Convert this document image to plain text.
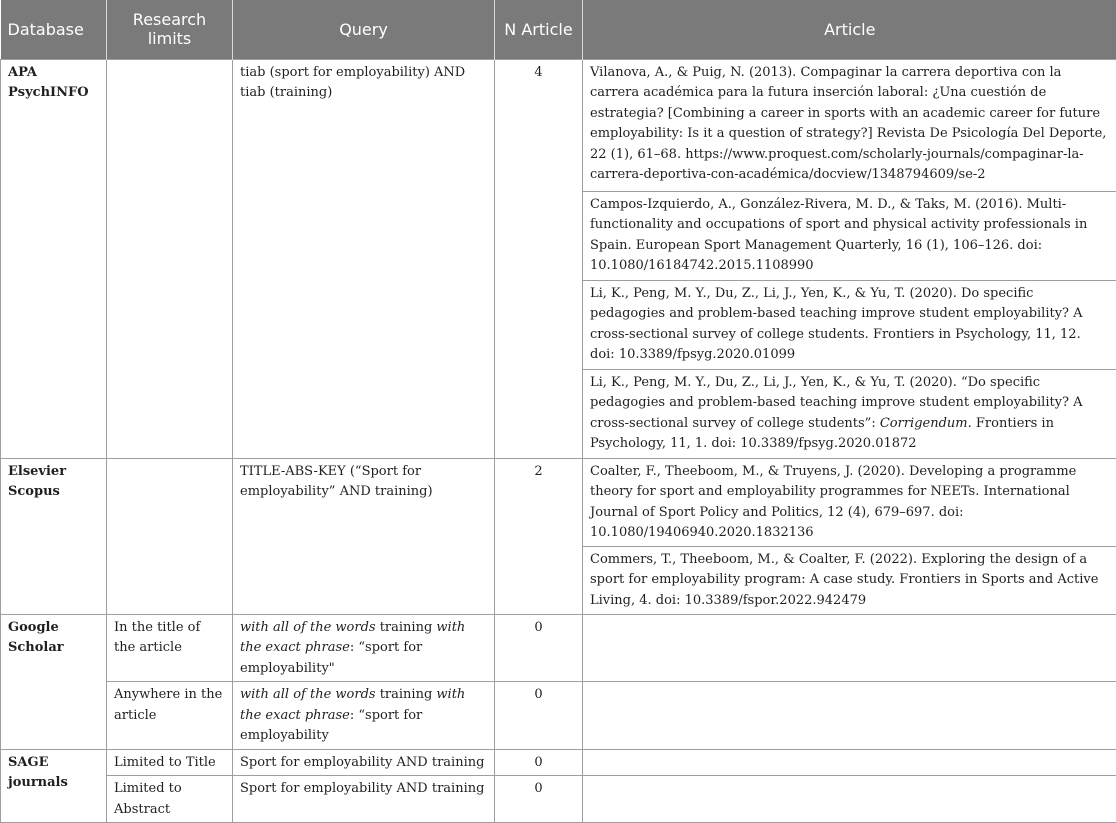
Database	Research limits	Query	N Article	Article
APA PsychINFO		tiab (sport for employability) AND tiab (training)	4	Vilanova, A., & Puig, N. (2013). Compaginar la carrera deportiva con la carrera académica para la futura inserción laboral: ¿Una cuestión de estrategia? [Combining a career in sports with an academic career for future employability: Is it a question of strategy?] Revista De Psicología Del Deporte, 22 (1), 61–68. https://www.proquest.com/scholarly-journals/compaginar-la-carrera-deportiva-con-académica/docview/1348794609/se-2
				Campos-Izquierdo, A., González-Rivera, M. D., & Taks, M. (2016). Multi-functionality and occupations of sport and physical activity professionals in Spain. European Sport Management Quarterly, 16 (1), 106–126. doi: 10.1080/16184742.2015.1108990
				Li, K., Peng, M. Y., Du, Z., Li, J., Yen, K., & Yu, T. (2020). Do specific pedagogies and problem-based teaching improve student employability? A cross-sectional survey of college students. Frontiers in Psychology, 11, 12. doi: 10.3389/fpsyg.2020.01099
				Li, K., Peng, M. Y., Du, Z., Li, J., Yen, K., & Yu, T. (2020). “Do specific pedagogies and problem-based teaching improve student employability? A cross-sectional survey of college students”: Corrigendum. Frontiers in Psychology, 11, 1. doi: 10.3389/fpsyg.2020.01872
Elsevier Scopus		TITLE-ABS-KEY (“Sport for employability” AND training)	2	Coalter, F., Theeboom, M., & Truyens, J. (2020). Developing a programme theory for sport and employability programmes for NEETs. International Journal of Sport Policy and Politics, 12 (4), 679–697. doi: 10.1080/19406940.2020.1832136
				Commers, T., Theeboom, M., & Coalter, F. (2022). Exploring the design of a sport for employability program: A case study. Frontiers in Sports and Active Living, 4. doi: 10.3389/fspor.2022.942479
Google Scholar	In the title of the article	with all of the words training with the exact phrase: “sport for employability"	0	
	Anywhere in the article	with all of the words training with the exact phrase: “sport for employability	0	
SAGE journals	Limited to Title	Sport for employability AND training	0	
	Limited to Abstract	Sport for employability AND training	0	
